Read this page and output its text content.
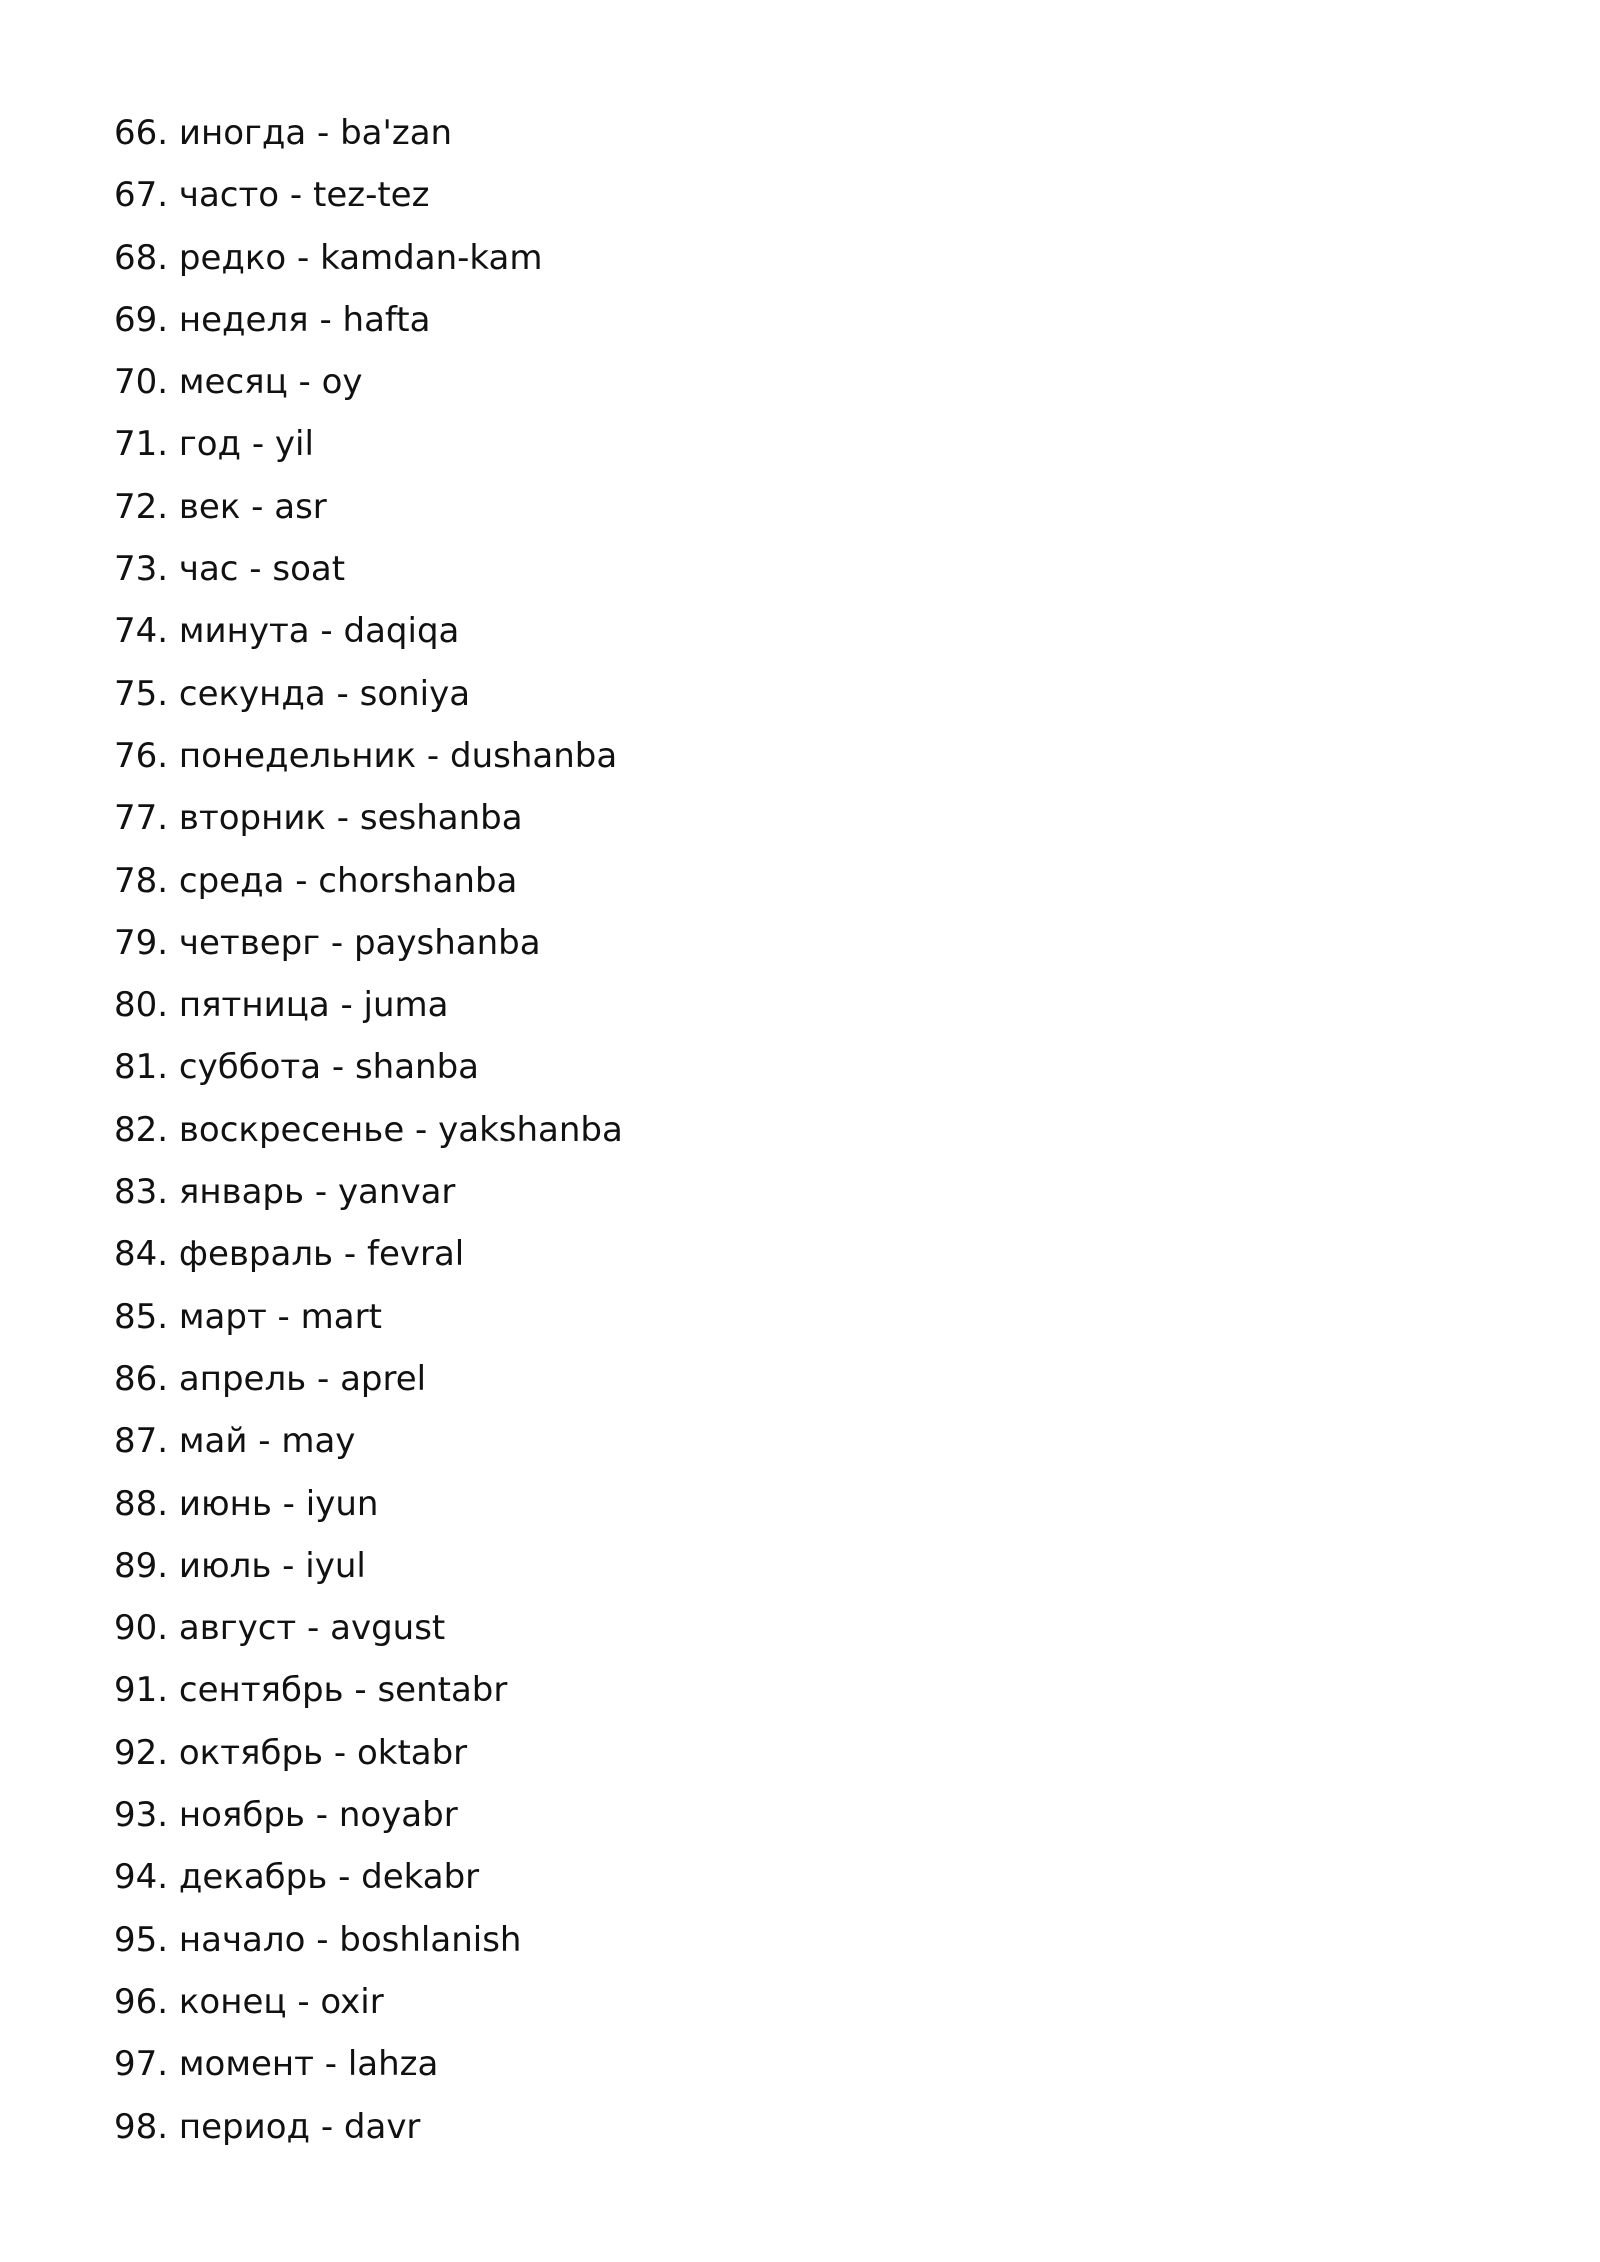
66. иногда - ba'zan
67. часто - tez-tez
68. редко - kamdan-kam
69. неделя - hafta
70. месяц - oy
71. год - yil
72. век - asr
73. час - soat
74. минута - daqiqa
75. секунда - soniya
76. понедельник - dushanba
77. вторник - seshanba
78. среда - chorshanba
79. четверг - payshanba
80. пятница - juma
81. суббота - shanba
82. воскресенье - yakshanba
83. январь - yanvar
84. февраль - fevral
85. март - mart
86. апрель - aprel
87. май - may
88. июнь - iyun
89. июль - iyul
90. август - avgust
91. сентябрь - sentabr
92. октябрь - oktabr
93. ноябрь - noyabr
94. декабрь - dekabr
95. начало - boshlanish
96. конец - oxir
97. момент - lahza
98. период - davr
